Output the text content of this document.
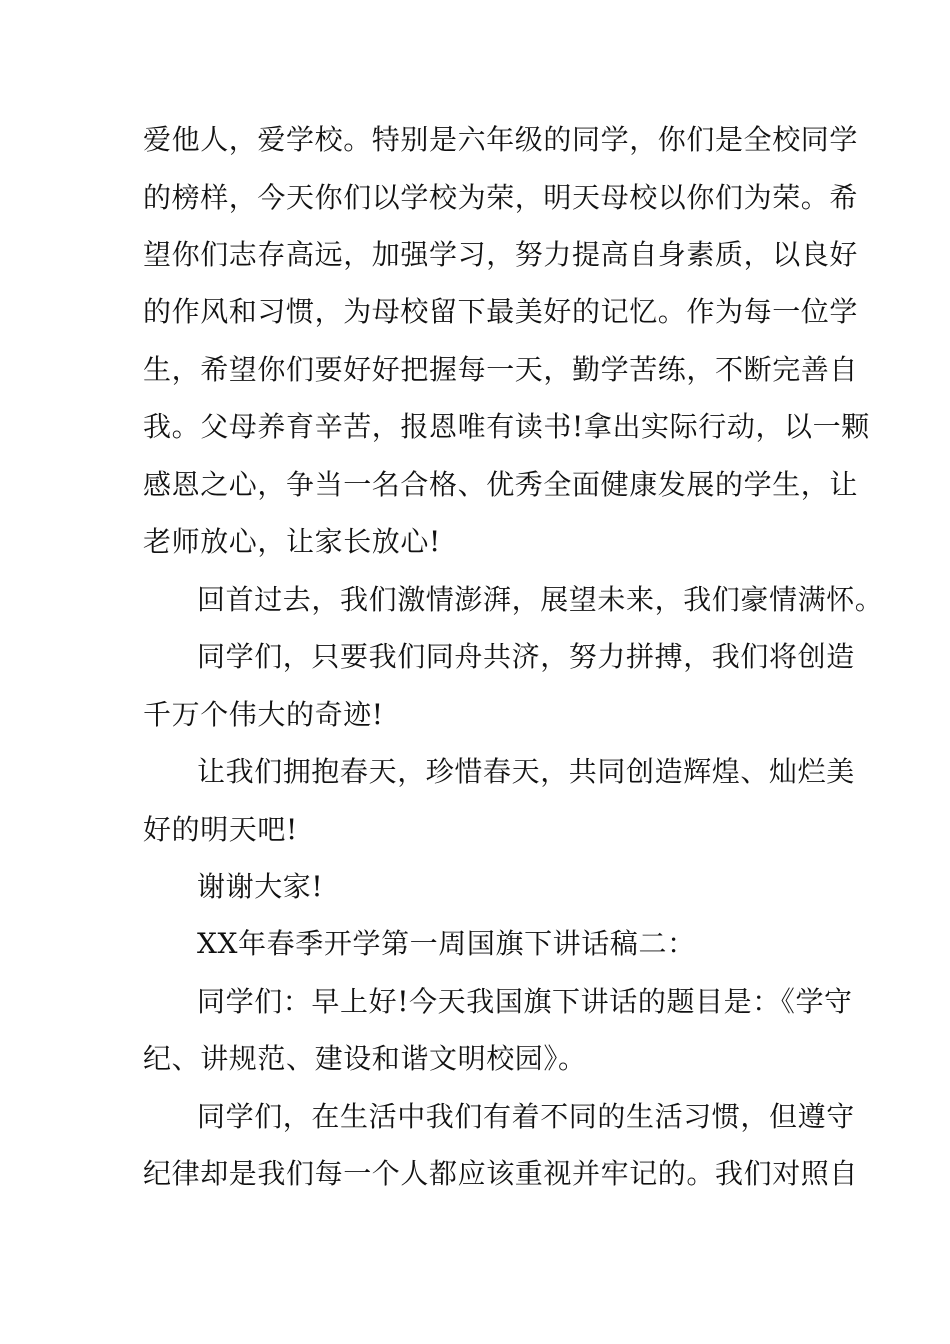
爱他人，爱学校。特别是六年级的同学，你们是全校同学
的榜样，今天你们以学校为荣，明天母校以你们为荣。希
望你们志存高远，加强学习，努力提高自身素质，以良好
的作风和习惯，为母校留下最美好的记忆。作为每一位学
生，希望你们要好好把握每一天，勤学苦练，不断完善自
我。父母养育辛苦，报恩唯有读书!拿出实际行动，以一颗
感恩之心，争当一名合格、优秀全面健康发展的学生，让
老师放心，让家长放心!
回首过去，我们激情澎湃，展望未来，我们豪情满怀。
同学们，只要我们同舟共济，努力拼搏，我们将创造
千万个伟大的奇迹!
让我们拥抱春天，珍惜春天，共同创造辉煌、灿烂美
好的明天吧!
谢谢大家!
XX年春季开学第一周国旗下讲话稿二：
同学们：早上好!今天我国旗下讲话的题目是：《学守
纪、讲规范、建设和谐文明校园》。
同学们，在生活中我们有着不同的生活习惯，但遵守
纪律却是我们每一个人都应该重视并牢记的。我们对照自
